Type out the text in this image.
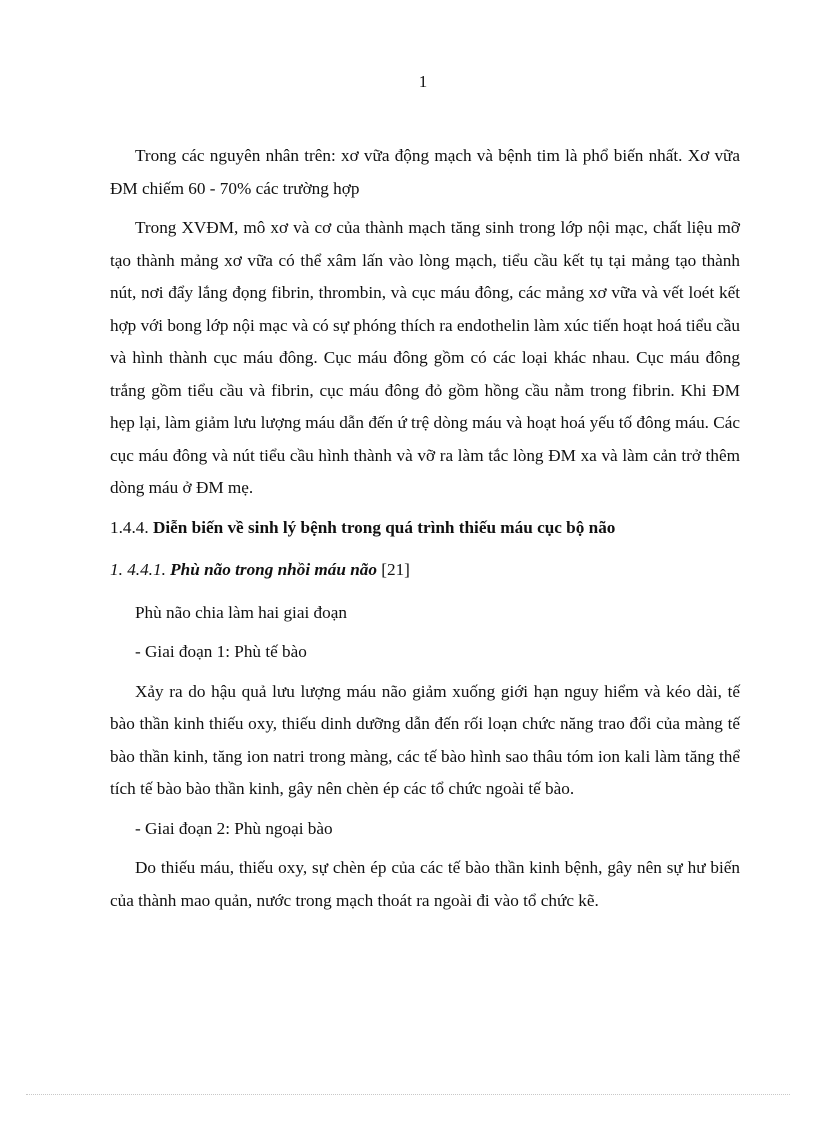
1

Trong các nguyên nhân trên: xơ vữa động mạch và bệnh tim là phổ biến nhất. Xơ vữa ĐM chiếm 60 - 70% các trường hợp

Trong XVĐM, mô xơ và cơ của thành mạch tăng sinh trong lớp nội mạc, chất liệu mỡ tạo thành mảng xơ vữa có thể xâm lấn vào lòng mạch, tiểu cầu kết tụ tại mảng tạo thành nút, nơi đẩy lắng đọng fibrin, thrombin, và cục máu đông, các mảng xơ vữa và vết loét kết hợp với bong lớp nội mạc và có sự phóng thích ra endothelin làm xúc tiến hoạt hoá tiểu cầu và hình thành cục máu đông. Cục máu đông gồm có các loại khác nhau. Cục máu đông trắng gồm tiểu cầu và fibrin, cục máu đông đỏ gồm hồng cầu nằm trong fibrin. Khi ĐM hẹp lại, làm giảm lưu lượng máu dẫn đến ứ trệ dòng máu và hoạt hoá yếu tố đông máu. Các cục máu đông và nút tiểu cầu hình thành và vỡ ra làm tắc lòng ĐM xa và làm cản trở thêm dòng máu ở ĐM mẹ.

1.4.4. Diễn biến về sinh lý bệnh trong quá trình thiếu máu cục bộ não

1. 4.4.1. Phù não trong nhồi máu não [21]

Phù não chia làm hai giai đoạn

- Giai đoạn 1: Phù tế bào

Xảy ra do hậu quả lưu lượng máu não giảm xuống giới hạn nguy hiểm và kéo dài, tế bào thần kinh thiếu oxy, thiếu dinh dưỡng dẫn đến rối loạn chức năng trao đổi của màng tế bào thần kinh, tăng ion natri trong màng, các tế bào hình sao thâu tóm ion kali làm tăng thể tích tế bào bào thần kinh, gây nên chèn ép các tổ chức ngoài tế bào.

- Giai đoạn 2: Phù ngoại bào

Do thiếu máu, thiếu oxy, sự chèn ép của các tế bào thần kinh bệnh, gây nên sự hư biến của thành mao quản, nước trong mạch thoát ra ngoài đi vào tổ chức kẽ.
